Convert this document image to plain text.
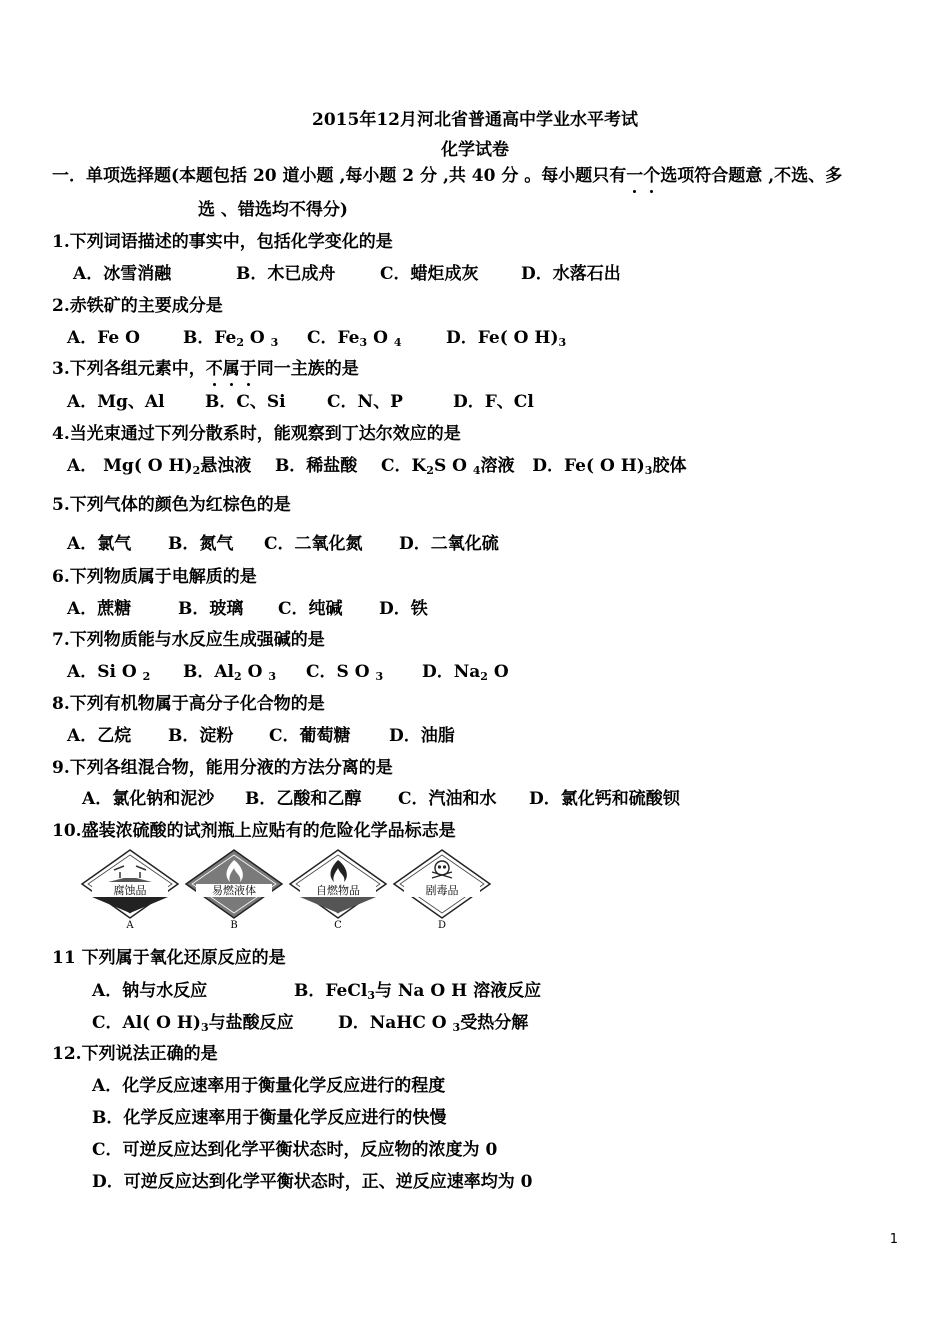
2015年12月河北省普通高中学业水平考试
化学试卷
一．单项选择题(本题包括 20 道小题 ,每小题 2 分 ,共 40 分 。每小题只有一个选项符合题意 ,不选、多
选 、错选均不得分)
1.下列词语描述的事实中，包括化学变化的是
A．冰雪消融	B．木已成舟	C．蜡炬成灰 D．水落石出
2.赤铁矿的主要成分是
A．Fe O	B．$Fe_2$ O $_3$ C．$Fe_3$ O $_4$	D．Fe( O $H)_3$
3.下列各组元素中，不属于同一主族的是
A．Mg、Al B．C、Si C．N、P	D．F、Cl
4.当光束通过下列分散系时，能观察到丁达尔效应的是
A． Mg( O $H)_2$悬浊液    B．稀盐酸    C．$K_2S$ O $_4$溶液   D．Fe( O $H)_3$胶体
5.下列气体的颜色为红棕色的是
A．氯气 B．氮气 C．二氧化氮 D．二氧化硫
6.下列物质属于电解质的是
A．蔗糖	B．玻璃 C．纯碱 D．铁
7.下列物质能与水反应生成强碱的是
A．Si O $_2$ B．$Al_2$ O $_3$ C．S O $_3$ D．$Na_2$ O
8.下列有机物属于高分子化合物的是
A．乙烷 B．淀粉 C．葡萄糖 D．油脂
9.下列各组混合物，能用分液的方法分离的是
A．氯化钠和泥沙 B．乙酸和乙醇 C．汽油和水 D．氯化钙和硫酸钡
10.盛装浓硫酸的试剂瓶上应贴有的危险化学品标志是
腐蚀品
A
易燃液体
B
自燃物品
C
剧毒品
D
11 下列属于氧化还原反应的是
A．钠与水反应	B．FeCl$_3$与 Na O H 溶液反应
C．Al( O $H)_3$与盐酸反应	D．NaHC O $_3$受热分解
12.下列说法正确的是
A．化学反应速率用于衡量化学反应进行的程度
B．化学反应速率用于衡量化学反应进行的快慢
C．可逆反应达到化学平衡状态时，反应物的浓度为 0
D．可逆反应达到化学平衡状态时，正、逆反应速率均为 0
1
